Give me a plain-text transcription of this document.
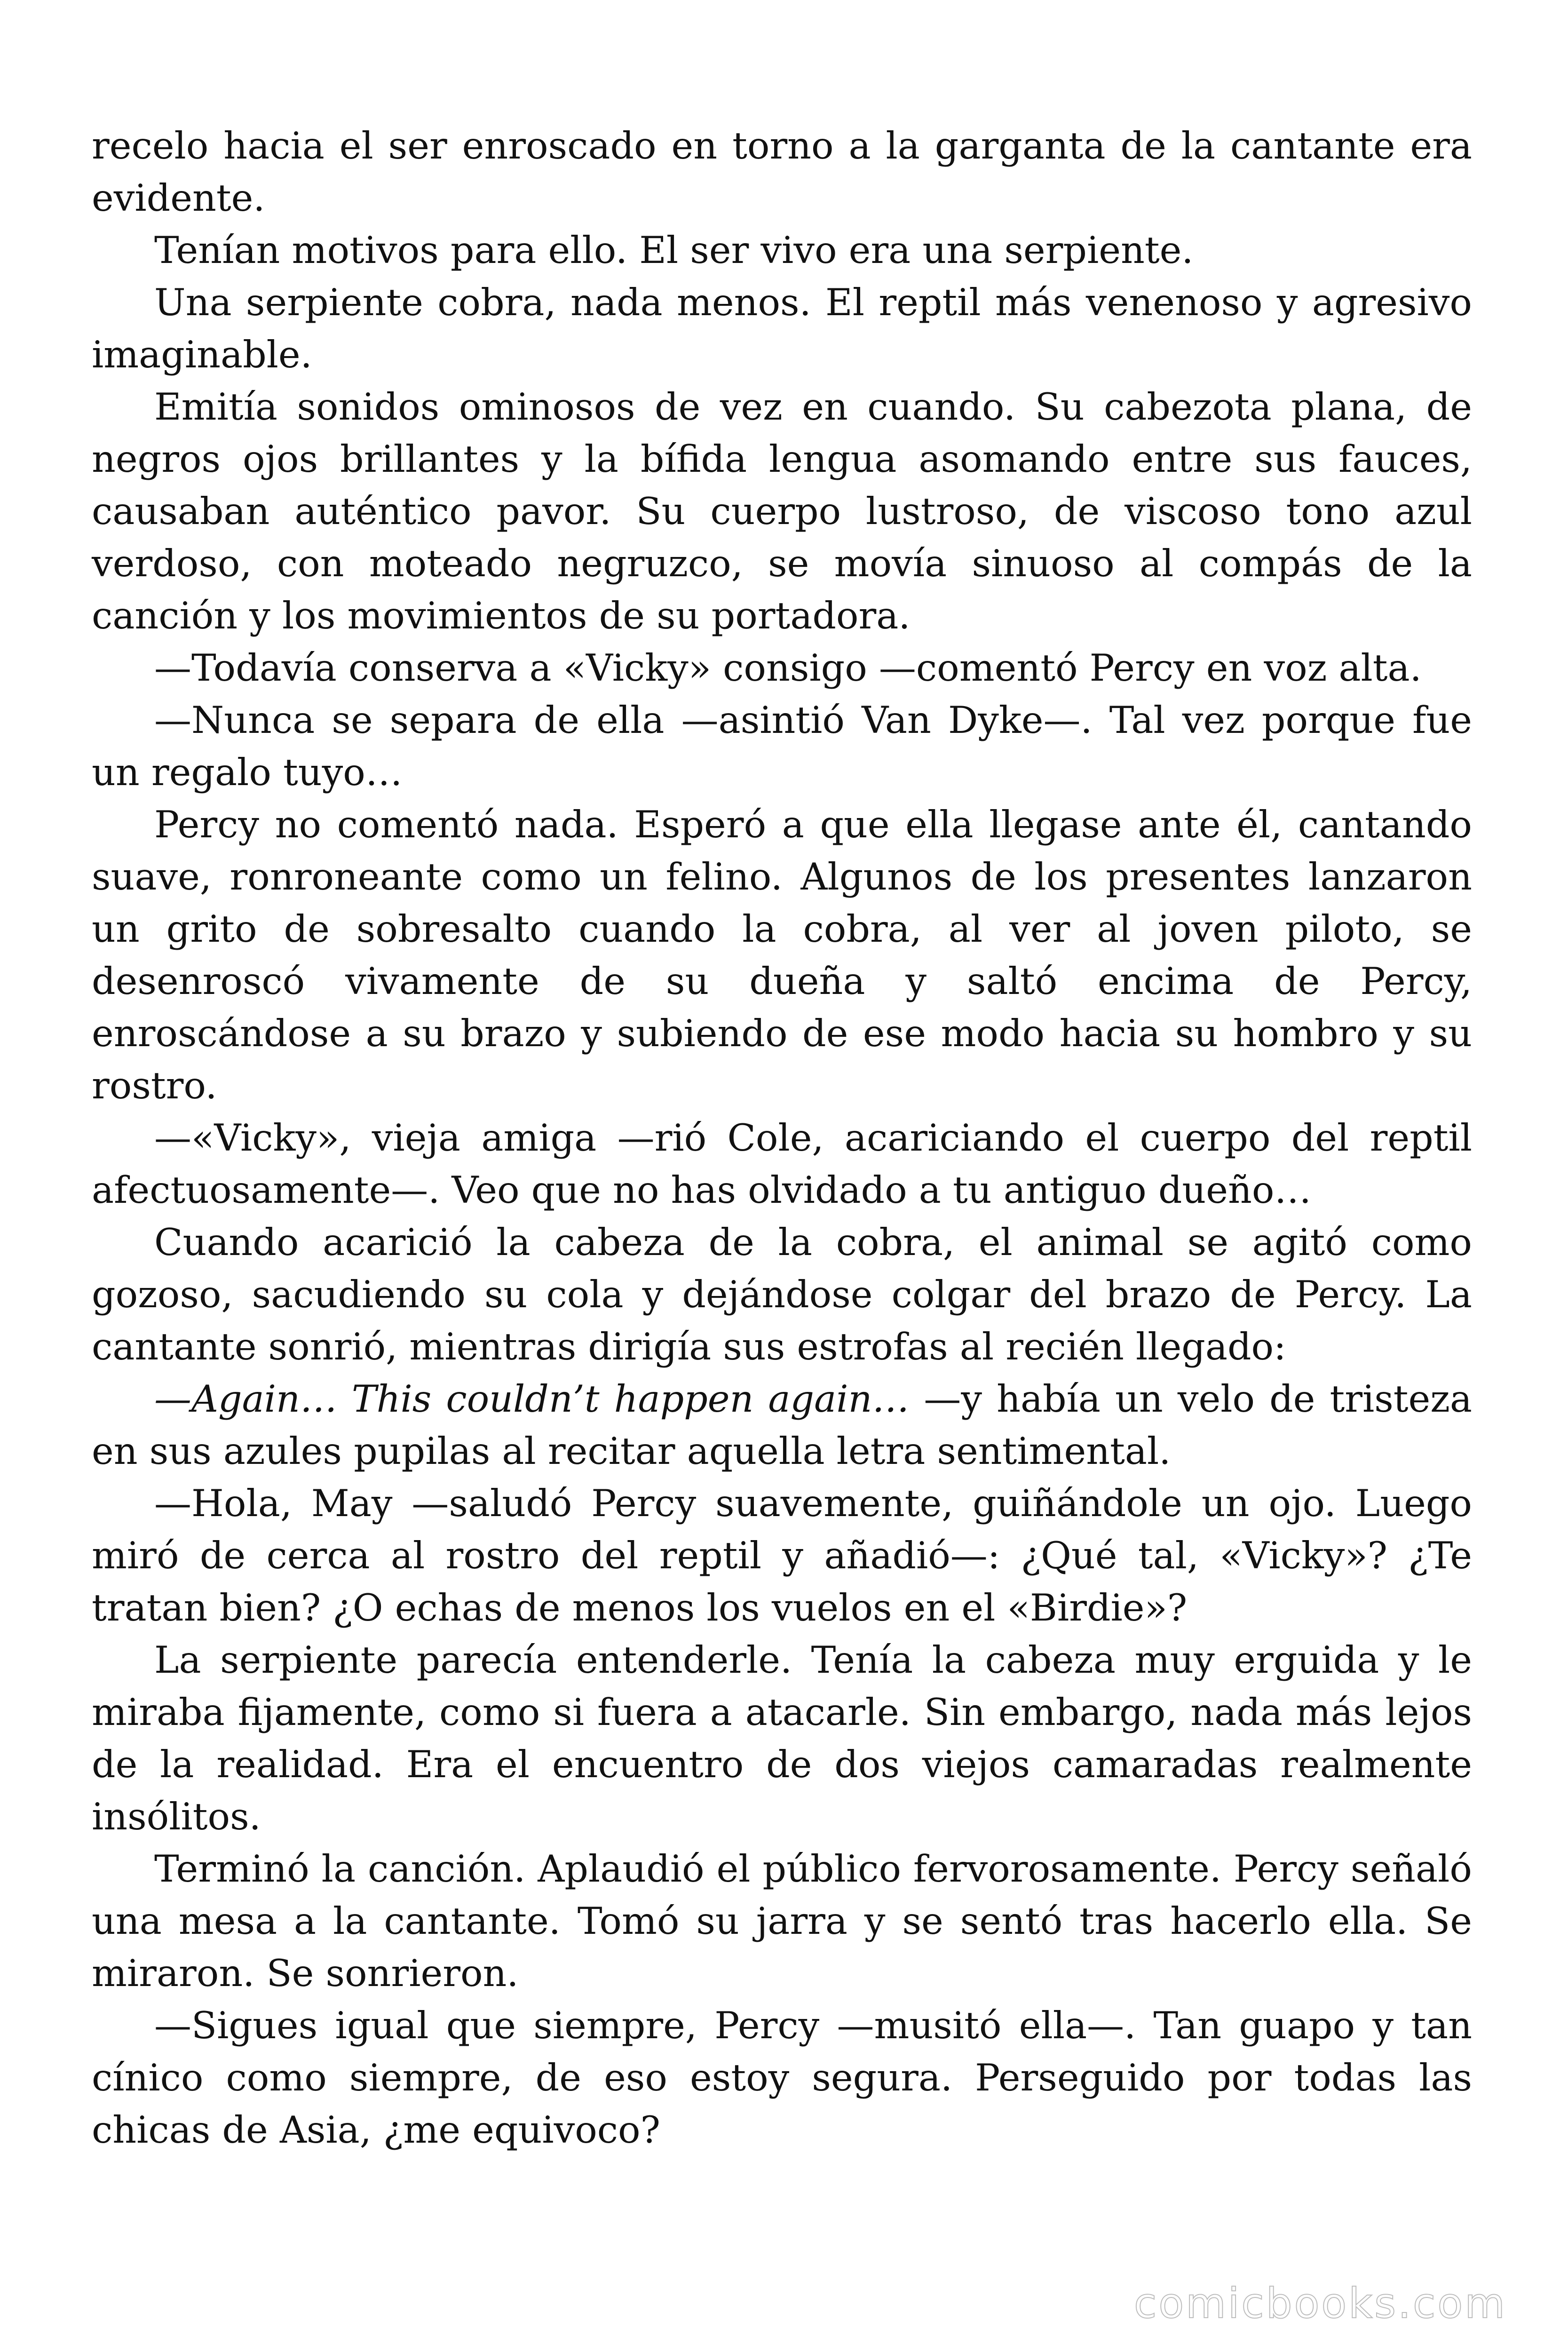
recelo hacia el ser enroscado en torno a la garganta de la cantante era evidente.

Tenían motivos para ello. El ser vivo era una serpiente.

Una serpiente cobra, nada menos. El reptil más venenoso y agresivo imaginable.

Emitía sonidos ominosos de vez en cuando. Su cabezota plana, de negros ojos brillantes y la bífida lengua asomando entre sus fauces, causaban auténtico pavor. Su cuerpo lustroso, de viscoso tono azul verdoso, con moteado negruzco, se movía sinuoso al compás de la canción y los movimientos de su portadora.

—Todavía conserva a «Vicky» consigo —comentó Percy en voz alta.

—Nunca se separa de ella —asintió Van Dyke—. Tal vez porque fue un regalo tuyo…

Percy no comentó nada. Esperó a que ella llegase ante él, cantando suave, ronroneante como un felino. Algunos de los presentes lanzaron un grito de sobresalto cuando la cobra, al ver al joven piloto, se desenroscó vivamente de su dueña y saltó encima de Percy, enroscándose a su brazo y subiendo de ese modo hacia su hombro y su rostro.

—«Vicky», vieja amiga —rió Cole, acariciando el cuerpo del reptil afectuosamente—. Veo que no has olvidado a tu antiguo dueño…

Cuando acarició la cabeza de la cobra, el animal se agitó como gozoso, sacudiendo su cola y dejándose colgar del brazo de Percy. La cantante sonrió, mientras dirigía sus estrofas al recién llegado:

—Again… This couldn’t happen again… —y había un velo de tristeza en sus azules pupilas al recitar aquella letra sentimental.

—Hola, May —saludó Percy suavemente, guiñándole un ojo. Luego miró de cerca al rostro del reptil y añadió—: ¿Qué tal, «Vicky»? ¿Te tratan bien? ¿O echas de menos los vuelos en el «Birdie»?

La serpiente parecía entenderle. Tenía la cabeza muy erguida y le miraba fijamente, como si fuera a atacarle. Sin embargo, nada más lejos de la realidad. Era el encuentro de dos viejos camaradas realmente insólitos.

Terminó la canción. Aplaudió el público fervorosamente. Percy señaló una mesa a la cantante. Tomó su jarra y se sentó tras hacerlo ella. Se miraron. Se sonrieron.

—Sigues igual que siempre, Percy —musitó ella—. Tan guapo y tan cínico como siempre, de eso estoy segura. Perseguido por todas las chicas de Asia, ¿me equivoco?

comicbooks.com
